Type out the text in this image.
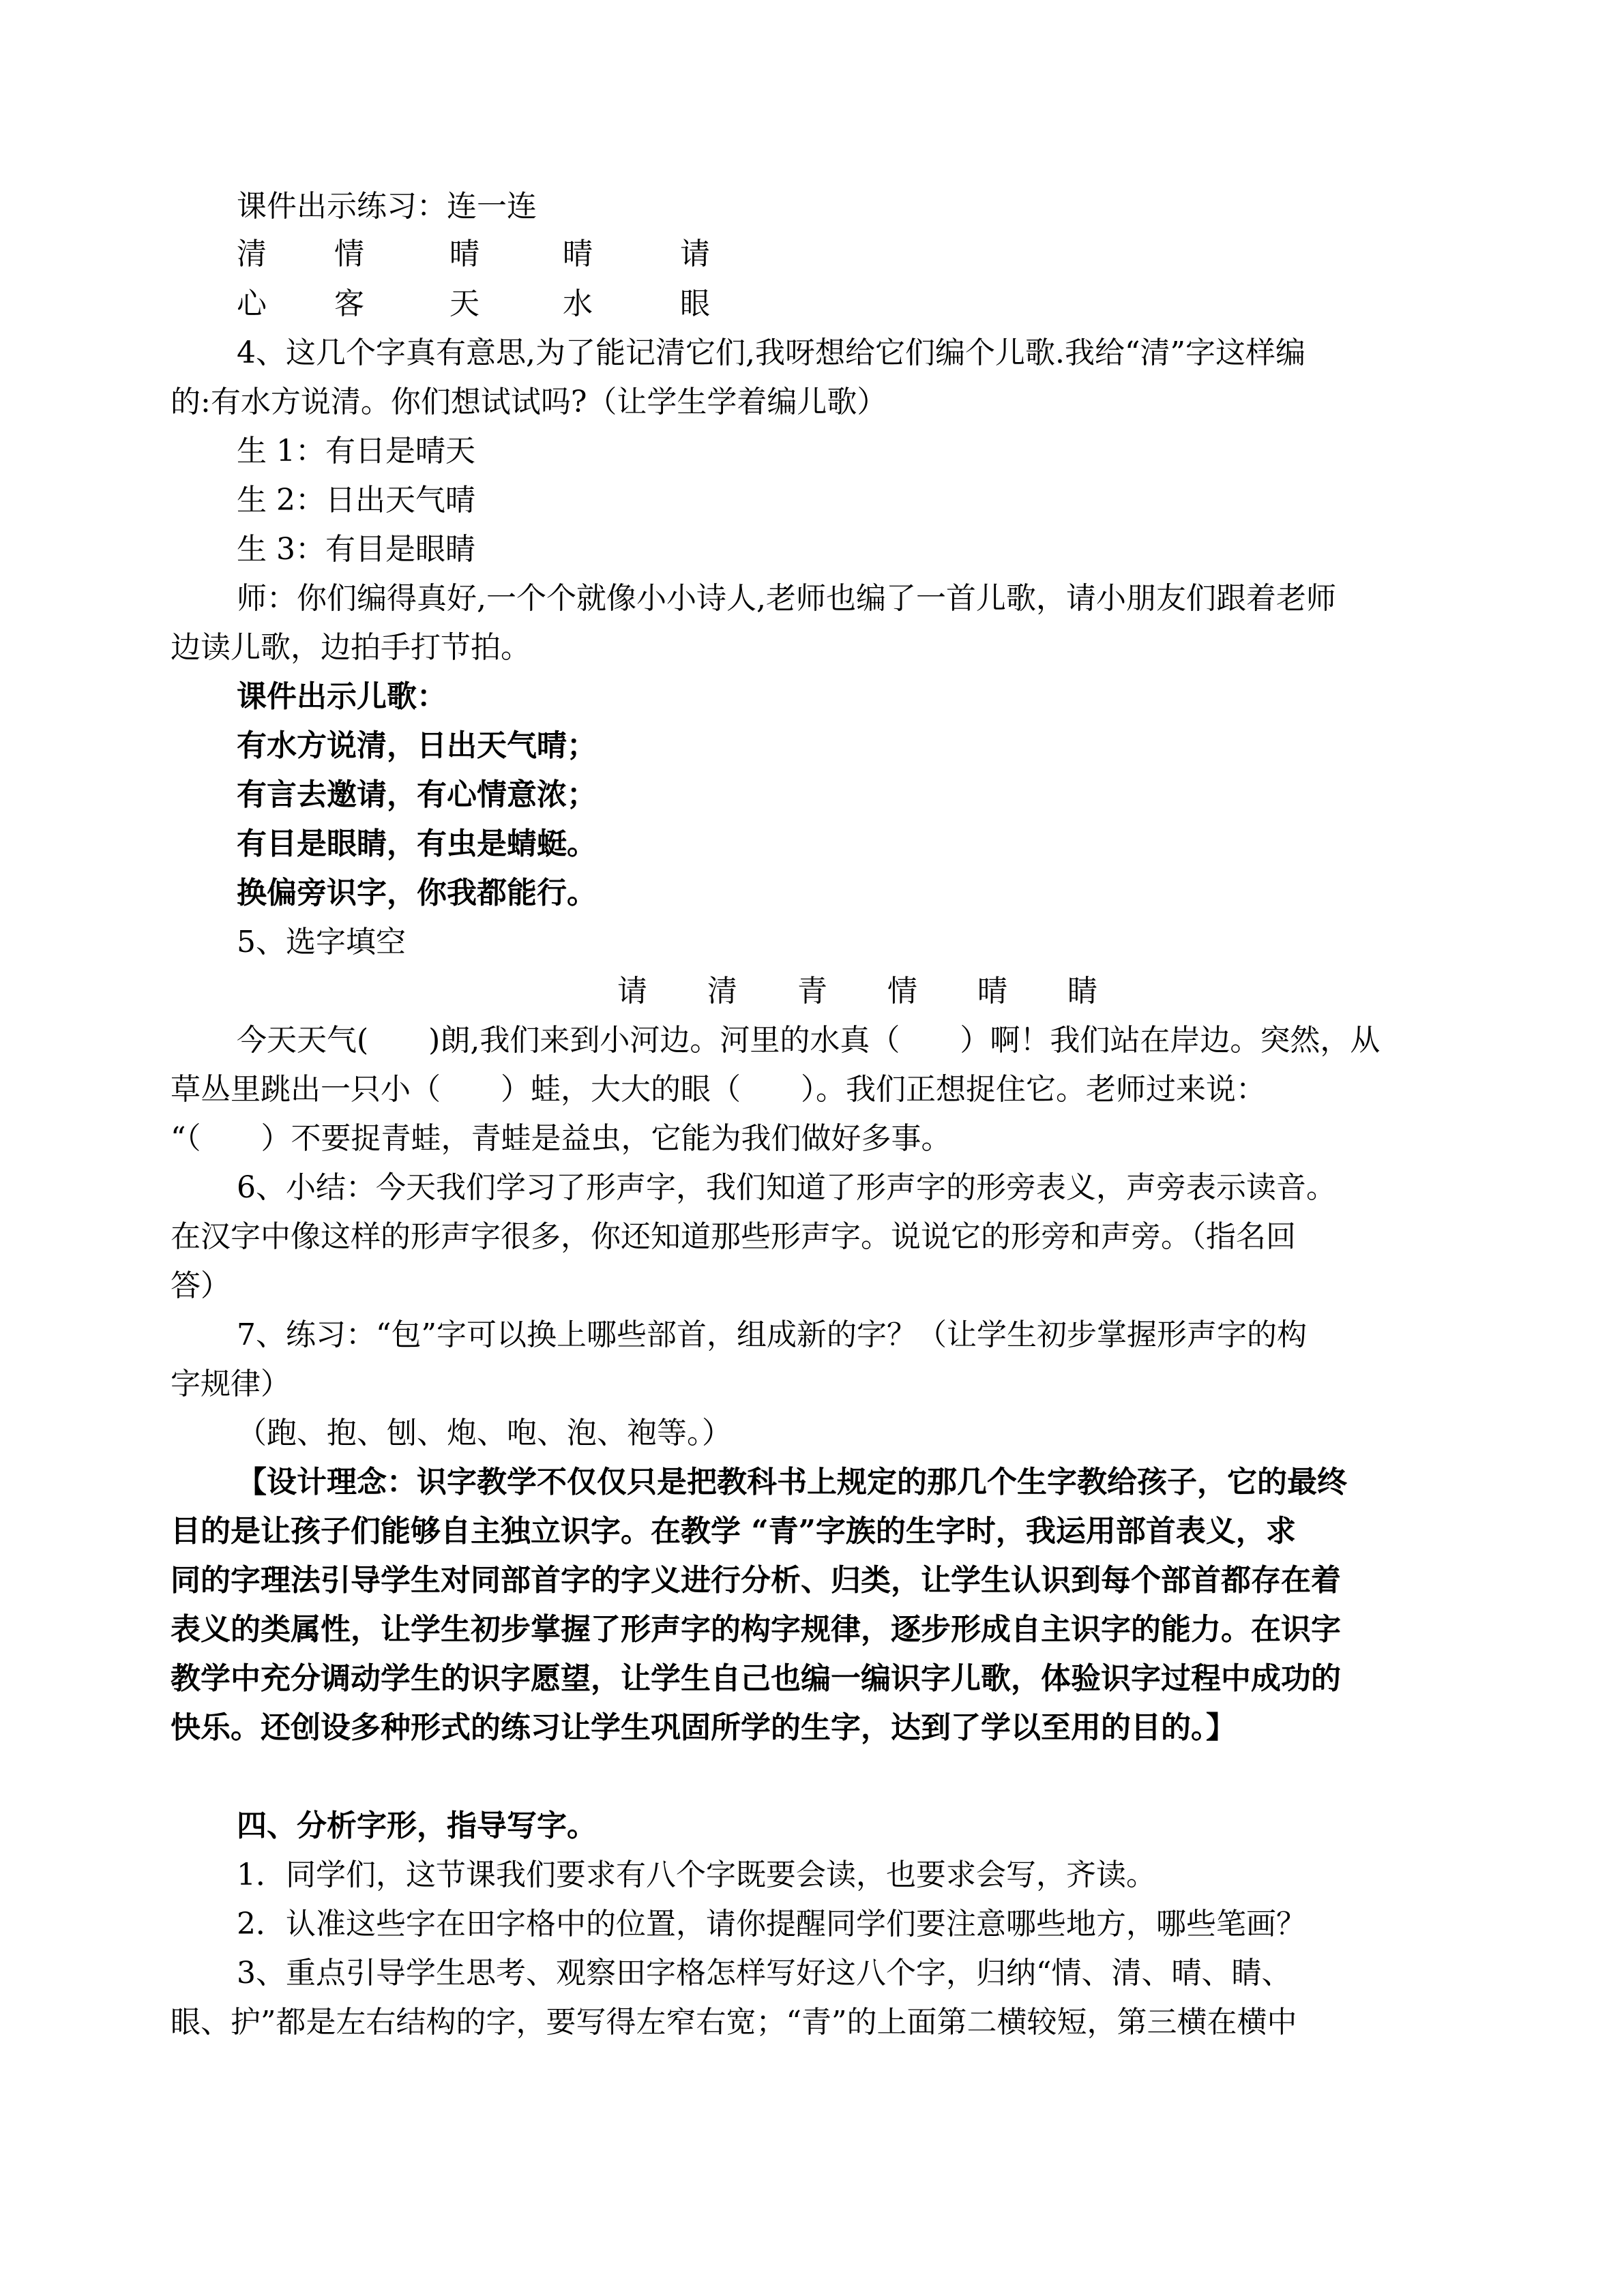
课件出示练习：连一连
清 情	晴	晴	请
心 客	天	水	眼
4、这几个字真有意思,为了能记清它们,我呀想给它们编个儿歌.我给“清”字这样编
的:有水方说清。你们想试试吗?（让学生学着编儿歌）
生 1：有日是晴天
生 2：日出天气晴
生 3：有目是眼睛
师：你们编得真好,一个个就像小小诗人,老师也编了一首儿歌，请小朋友们跟着老师
边读儿歌，边拍手打节拍。
课件出示儿歌：
有水方说清，日出天气晴；
有言去邀请，有心情意浓；
有目是眼睛，有虫是蜻蜓。
换偏旁识字，你我都能行。
5、选字填空
请　　清　　青　　情　　晴　　睛
今天天气(　　)朗,我们来到小河边。河里的水真（　　）啊！我们站在岸边。突然，从
草丛里跳出一只小（　　）蛙，大大的眼（　　）。我们正想捉住它。老师过来说：
“（　　）不要捉青蛙，青蛙是益虫，它能为我们做好多事。
6、小结：今天我们学习了形声字，我们知道了形声字的形旁表义，声旁表示读音。
在汉字中像这样的形声字很多，你还知道那些形声字。说说它的形旁和声旁。（指名回
答）
7、练习：“包”字可以换上哪些部首，组成新的字？（让学生初步掌握形声字的构
字规律）
（跑、抱、刨、炮、咆、泡、袍等。）
【设计理念：识字教学不仅仅只是把教科书上规定的那几个生字教给孩子，它的最终
目的是让孩子们能够自主独立识字。在教学 “青”字族的生字时，我运用部首表义，求
同的字理法引导学生对同部首字的字义进行分析、归类，让学生认识到每个部首都存在着
表义的类属性，让学生初步掌握了形声字的构字规律，逐步形成自主识字的能力。在识字
教学中充分调动学生的识字愿望，让学生自己也编一编识字儿歌，体验识字过程中成功的
快乐。还创设多种形式的练习让学生巩固所学的生字，达到了学以至用的目的。】
四、分析字形，指导写字。
1．同学们，这节课我们要求有八个字既要会读，也要求会写，齐读。
2．认准这些字在田字格中的位置，请你提醒同学们要注意哪些地方，哪些笔画？
3、重点引导学生思考、观察田字格怎样写好这八个字，归纳“情、清、晴、睛、
眼、护”都是左右结构的字，要写得左窄右宽；“青”的上面第二横较短，第三横在横中
